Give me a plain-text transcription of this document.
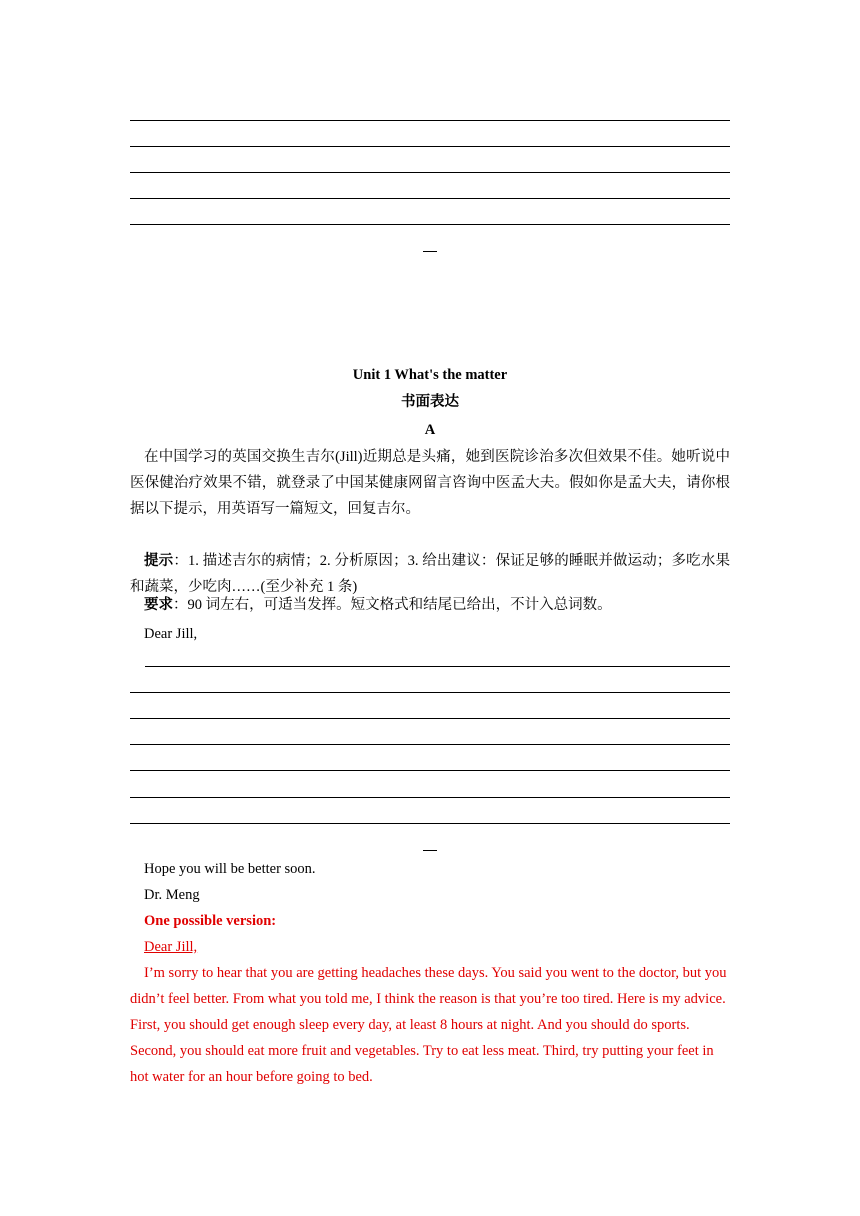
Unit 1 What's the matter
书面表达
A
在中国学习的英国交换生吉尔(Jill)近期总是头痛，她到医院诊治多次但效果不佳。她听说中医保健治疗效果不错，就登录了中国某健康网留言咨询中医孟大夫。假如你是孟大夫，请你根据以下提示，用英语写一篇短文，回复吉尔。
提示：1. 描述吉尔的病情；2. 分析原因；3. 给出建议：保证足够的睡眠并做运动；多吃水果和蔬菜，少吃肉……(至少补充 1 条)
要求：90 词左右，可适当发挥。短文格式和结尾已给出，不计入总词数。
Dear Jill,
Hope you will be better soon.
Dr. Meng
One possible version:
Dear Jill,
I’m sorry to hear that you are getting headaches these days. You said you went to the doctor, but you didn’t feel better. From what you told me, I think the reason is that you’re too tired. Here is my advice. First, you should get enough sleep every day, at least 8 hours at night. And you should do sports. Second, you should eat more fruit and vegetables. Try to eat less meat. Third, try putting your feet in hot water for an hour before going to bed.
